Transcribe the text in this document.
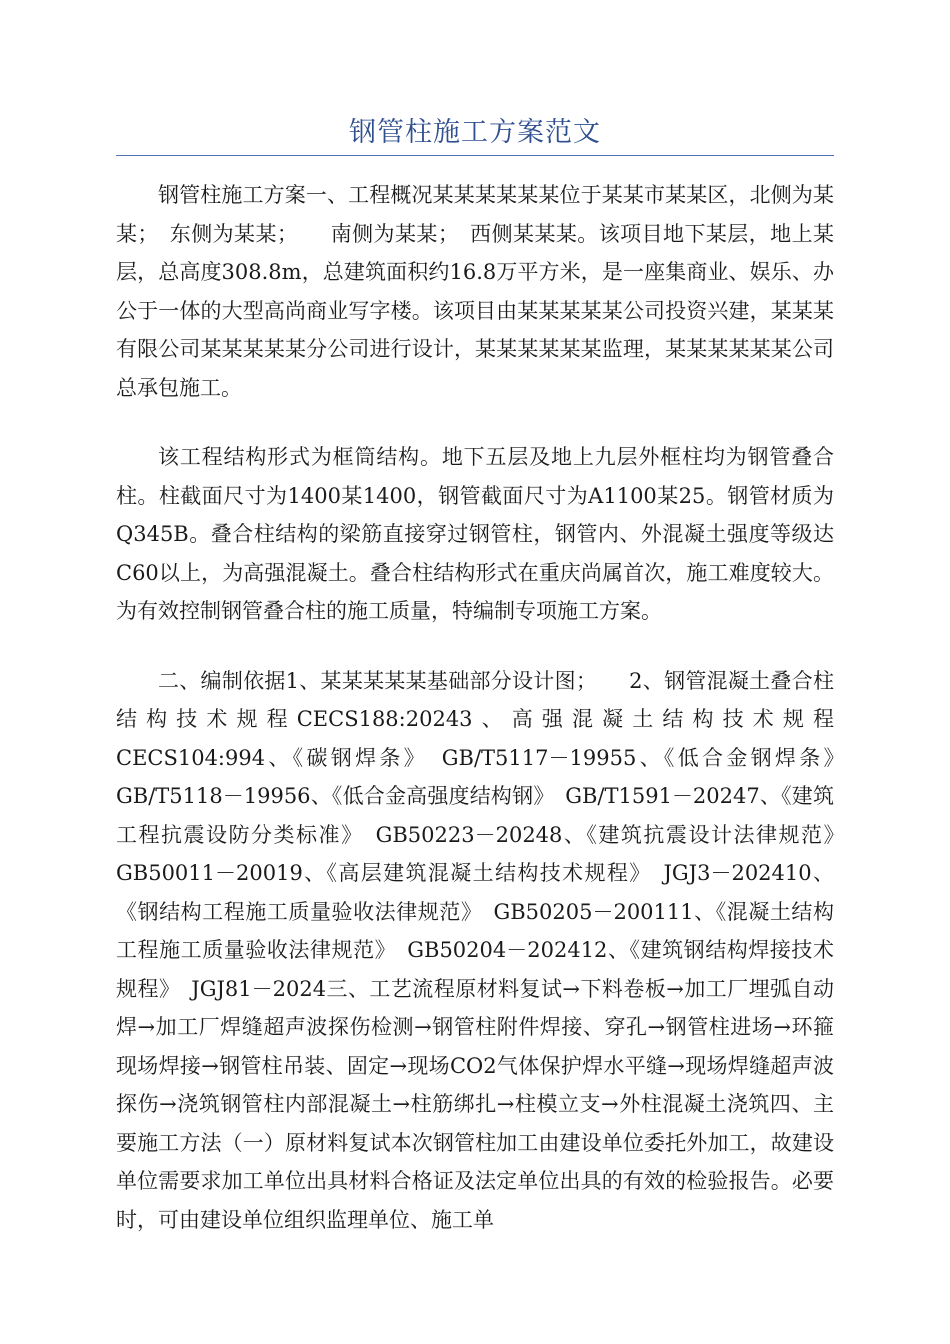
钢管柱施工方案范文

钢管柱施工方案一、工程概况某某某某某某位于某某市某某区，北侧为某某；　东侧为某某；　　南侧为某某；　西侧某某某。该项目地下某层，地上某层，总高度308.8m，总建筑面积约16.8万平方米，是一座集商业、娱乐、办公于一体的大型高尚商业写字楼。该项目由某某某某某公司投资兴建，某某某有限公司某某某某某分公司进行设计，某某某某某某监理，某某某某某某公司总承包施工。

该工程结构形式为框筒结构。地下五层及地上九层外框柱均为钢管叠合柱。柱截面尺寸为1400某1400，钢管截面尺寸为A1100某25。钢管材质为Q345B。叠合柱结构的梁筋直接穿过钢管柱，钢管内、外混凝土强度等级达C60以上，为高强混凝土。叠合柱结构形式在重庆尚属首次，施工难度较大。为有效控制钢管叠合柱的施工质量，特编制专项施工方案。

二、编制依据1、某某某某某基础部分设计图；　　2、钢管混凝土叠合柱结构技术规程CECS188:20243、高强混凝土结构技术规程CECS104:994、《碳钢焊条》　GB/T5117－19955、《低合金钢焊条》　GB/T5118－19956、《低合金高强度结构钢》　GB/T1591－20247、《建筑工程抗震设防分类标准》　GB50223－20248、《建筑抗震设计法律规范》　GB50011－20019、《高层建筑混凝土结构技术规程》　JGJ3－202410、《钢结构工程施工质量验收法律规范》　GB50205－200111、《混凝土结构工程施工质量验收法律规范》　GB50204－202412、《建筑钢结构焊接技术规程》　JGJ81－2024三、工艺流程原材料复试→下料卷板→加工厂埋弧自动焊→加工厂焊缝超声波探伤检测→钢管柱附件焊接、穿孔→钢管柱进场→环箍现场焊接→钢管柱吊装、固定→现场CO2气体保护焊水平缝→现场焊缝超声波探伤→浇筑钢管柱内部混凝土→柱筋绑扎→柱模立支→外柱混凝土浇筑四、主要施工方法（一）原材料复试本次钢管柱加工由建设单位委托外加工，故建设单位需要求加工单位出具材料合格证及法定单位出具的有效的检验报告。必要时，可由建设单位组织监理单位、施工单
